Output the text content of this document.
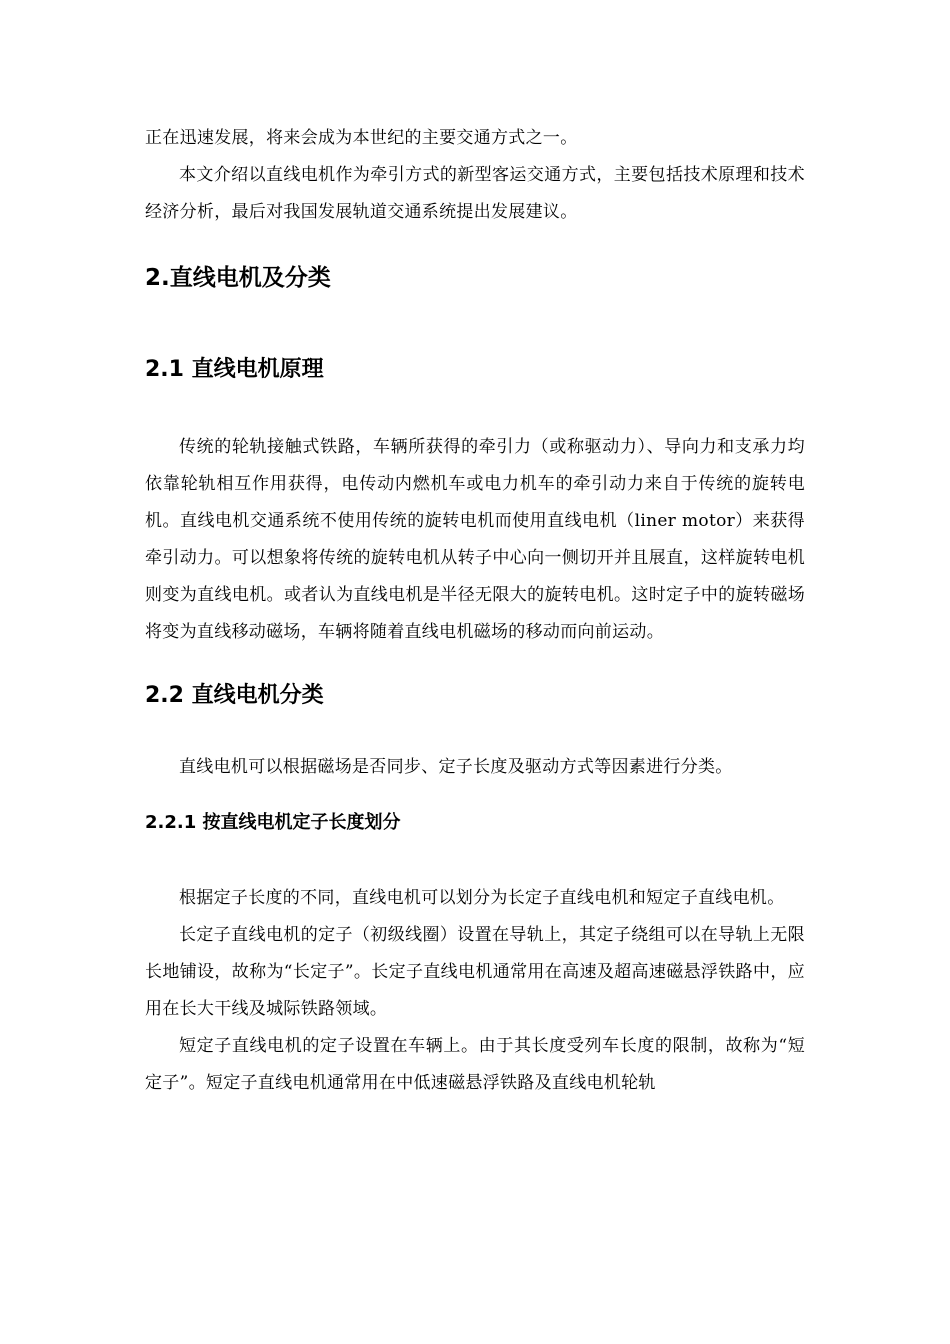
正在迅速发展，将来会成为本世纪的主要交通方式之一。

本文介绍以直线电机作为牵引方式的新型客运交通方式，主要包括技术原理和技术经济分析，最后对我国发展轨道交通系统提出发展建议。

2.直线电机及分类
2.1 直线电机原理

传统的轮轨接触式铁路，车辆所获得的牵引力（或称驱动力）、导向力和支承力均依靠轮轨相互作用获得，电传动内燃机车或电力机车的牵引动力来自于传统的旋转电机。直线电机交通系统不使用传统的旋转电机而使用直线电机（liner motor）来获得牵引动力。可以想象将传统的旋转电机从转子中心向一侧切开并且展直，这样旋转电机则变为直线电机。或者认为直线电机是半径无限大的旋转电机。这时定子中的旋转磁场将变为直线移动磁场，车辆将随着直线电机磁场的移动而向前运动。

2.2 直线电机分类

直线电机可以根据磁场是否同步、定子长度及驱动方式等因素进行分类。

2.2.1 按直线电机定子长度划分

根据定子长度的不同，直线电机可以划分为长定子直线电机和短定子直线电机。

长定子直线电机的定子（初级线圈）设置在导轨上，其定子绕组可以在导轨上无限长地铺设，故称为“长定子”。长定子直线电机通常用在高速及超高速磁悬浮铁路中，应用在长大干线及城际铁路领域。

短定子直线电机的定子设置在车辆上。由于其长度受列车长度的限制，故称为“短定子”。短定子直线电机通常用在中低速磁悬浮铁路及直线电机轮轨
